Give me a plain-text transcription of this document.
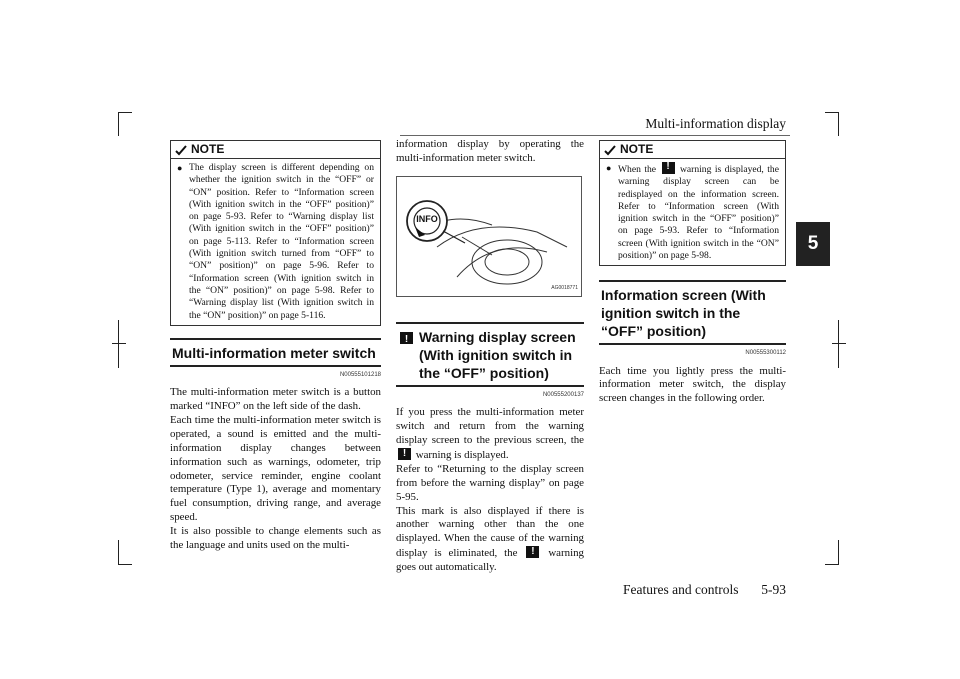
Multi-information display
5
NOTE
● The display screen is different depending on whether the ignition switch in the “OFF” or “ON” position. Refer to “Information screen (With ignition switch in the “OFF” position)” on page 5-93. Refer to “Warning display list (With ignition switch in the “OFF” position)” on page 5-113. Refer to “Information screen (With ignition switch turned from “OFF” to “ON” position)” on page 5-96. Refer to “Information screen (With ignition switch in the “ON” position)” on page 5-98. Refer to “Warning display list (With ignition switch in the “ON” position)” on page 5-116.
Multi-information meter switch
N00555101218
The multi-information meter switch is a button marked “INFO” on the left side of the dash.
Each time the multi-information meter switch is operated, a sound is emitted and the multi-information display changes between information such as warnings, odometer, trip odometer, service reminder, engine coolant temperature (Type 1), average and momentary fuel consumption, driving range, and average speed.
It is also possible to change elements such as the language and units used on the multi-
information display by operating the multi-information meter switch.
INFO
AG0018771
!
Warning display screen (With ignition switch in the “OFF” position)
N00555200137
If you press the multi-information meter switch and return from the warning display screen to the previous screen, the ! warning is displayed.
Refer to “Returning to the display screen from before the warning display” on page 5-95.
This mark is also displayed if there is another warning other than the one displayed. When the cause of the warning display is eliminated, the !	warning goes out automatically.
NOTE
● When the ! warning is displayed, the warning display screen can be redisplayed on the information screen. Refer to “Information screen (With ignition switch in the “OFF” position)” on page 5-93. Refer to “Information screen (With ignition switch in the “ON” position)” on page 5-98.
Information screen (With ignition switch in the “OFF” position)
N00555300112
Each time you lightly press the multi-information meter switch, the display screen changes in the following order.
Features and controls 5-93
